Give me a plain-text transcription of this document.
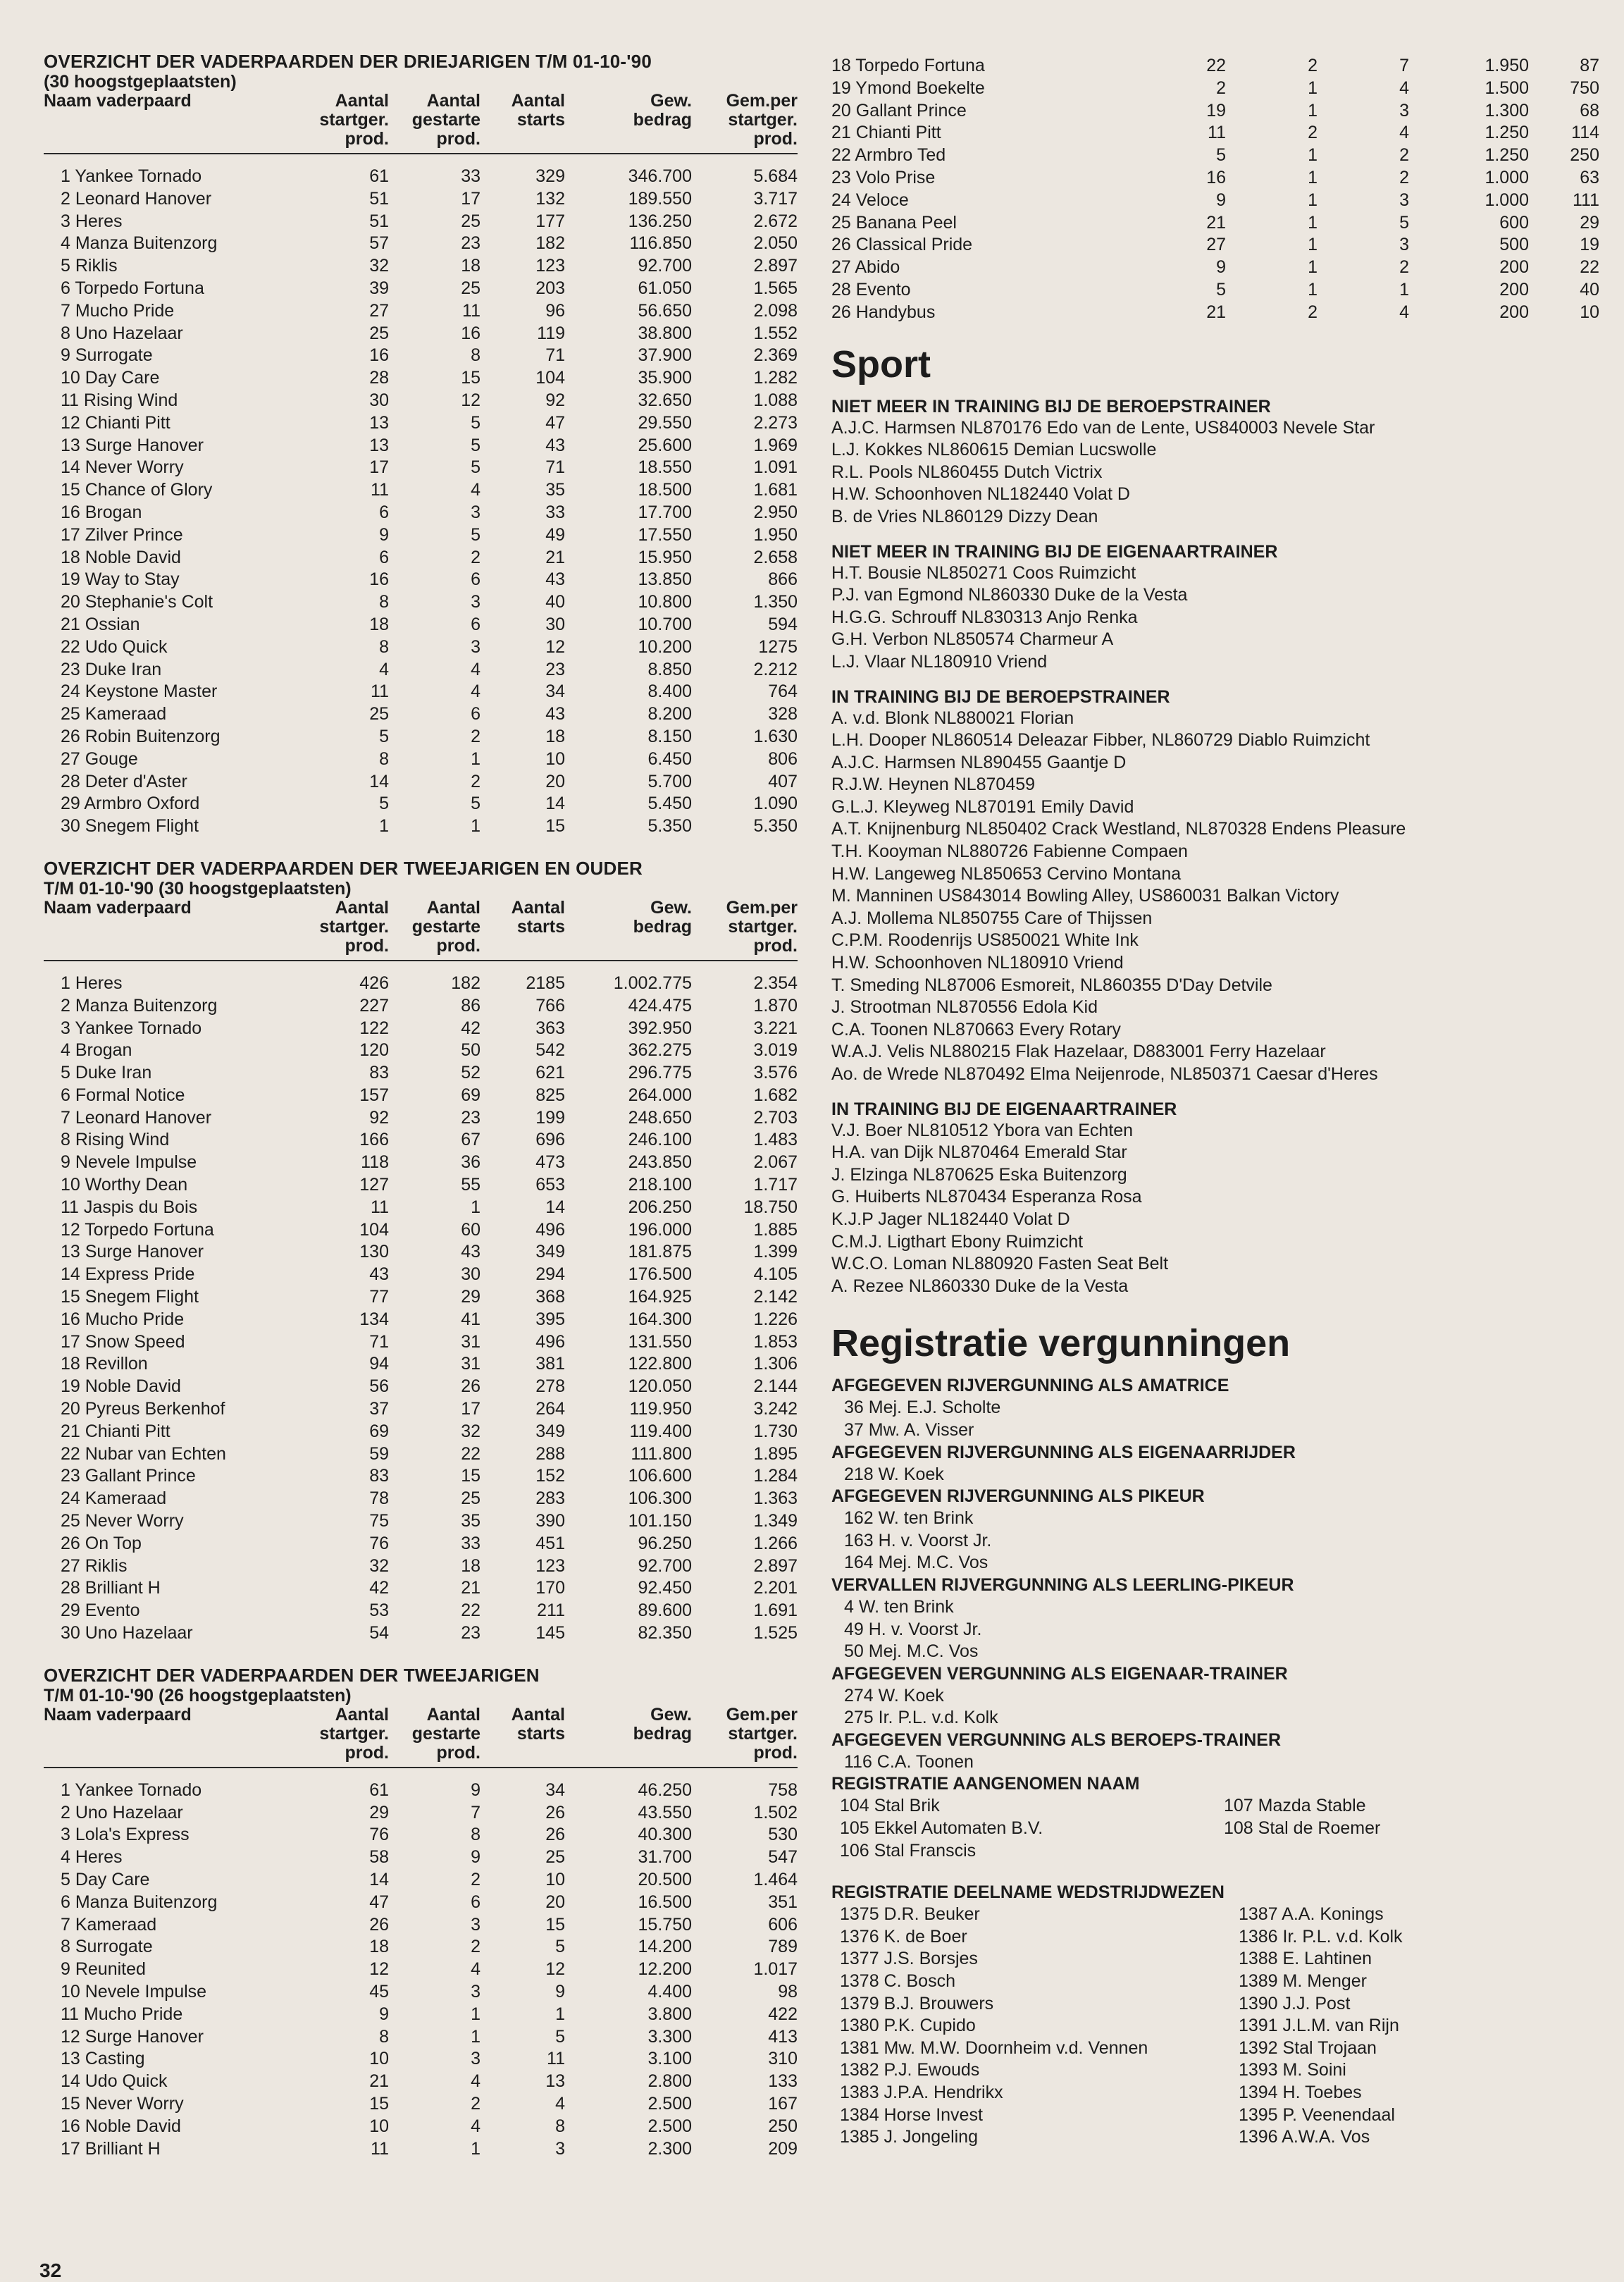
OVERZICHT DER VADERPAARDEN DER DRIEJARIGEN T/M 01-10-'90
(30 hoogstgeplaatsten)
Naam vaderpaard	Aantal
startger.
prod.	Aantal
gestarte
prod.	Aantal
starts	Gew.
bedrag	Gem.per
startger.
prod.
1 Yankee Tornado	61	33	329	346.700	5.684
2 Leonard Hanover	51	17	132	189.550	3.717
3 Heres	51	25	177	136.250	2.672
4 Manza Buitenzorg	57	23	182	116.850	2.050
5 Riklis	32	18	123	92.700	2.897
6 Torpedo Fortuna	39	25	203	61.050	1.565
7 Mucho Pride	27	11	96	56.650	2.098
8 Uno Hazelaar	25	16	119	38.800	1.552
9 Surrogate	16	8	71	37.900	2.369
10 Day Care	28	15	104	35.900	1.282
11 Rising Wind	30	12	92	32.650	1.088
12 Chianti Pitt	13	5	47	29.550	2.273
13 Surge Hanover	13	5	43	25.600	1.969
14 Never Worry	17	5	71	18.550	1.091
15 Chance of Glory	11	4	35	18.500	1.681
16 Brogan	6	3	33	17.700	2.950
17 Zilver Prince	9	5	49	17.550	1.950
18 Noble David	6	2	21	15.950	2.658
19 Way to Stay	16	6	43	13.850	866
20 Stephanie's Colt	8	3	40	10.800	1.350
21 Ossian	18	6	30	10.700	594
22 Udo Quick	8	3	12	10.200	1275
23 Duke Iran	4	4	23	8.850	2.212
24 Keystone Master	11	4	34	8.400	764
25 Kameraad	25	6	43	8.200	328
26 Robin Buitenzorg	5	2	18	8.150	1.630
27 Gouge	8	1	10	6.450	806
28 Deter d'Aster	14	2	20	5.700	407
29 Armbro Oxford	5	5	14	5.450	1.090
30 Snegem Flight	1	1	15	5.350	5.350
OVERZICHT DER VADERPAARDEN DER TWEEJARIGEN EN OUDER
T/M 01-10-'90 (30 hoogstgeplaatsten)
Naam vaderpaard	Aantal
startger.
prod.	Aantal
gestarte
prod.	Aantal
starts	Gew.
bedrag	Gem.per
startger.
prod.
1 Heres	426	182	2185	1.002.775	2.354
2 Manza Buitenzorg	227	86	766	424.475	1.870
3 Yankee Tornado	122	42	363	392.950	3.221
4 Brogan	120	50	542	362.275	3.019
5 Duke Iran	83	52	621	296.775	3.576
6 Formal Notice	157	69	825	264.000	1.682
7 Leonard Hanover	92	23	199	248.650	2.703
8 Rising Wind	166	67	696	246.100	1.483
9 Nevele Impulse	118	36	473	243.850	2.067
10 Worthy Dean	127	55	653	218.100	1.717
11 Jaspis du Bois	11	1	14	206.250	18.750
12 Torpedo Fortuna	104	60	496	196.000	1.885
13 Surge Hanover	130	43	349	181.875	1.399
14 Express Pride	43	30	294	176.500	4.105
15 Snegem Flight	77	29	368	164.925	2.142
16 Mucho Pride	134	41	395	164.300	1.226
17 Snow Speed	71	31	496	131.550	1.853
18 Revillon	94	31	381	122.800	1.306
19 Noble David	56	26	278	120.050	2.144
20 Pyreus Berkenhof	37	17	264	119.950	3.242
21 Chianti Pitt	69	32	349	119.400	1.730
22 Nubar van Echten	59	22	288	111.800	1.895
23 Gallant Prince	83	15	152	106.600	1.284
24 Kameraad	78	25	283	106.300	1.363
25 Never Worry	75	35	390	101.150	1.349
26 On Top	76	33	451	96.250	1.266
27 Riklis	32	18	123	92.700	2.897
28 Brilliant H	42	21	170	92.450	2.201
29 Evento	53	22	211	89.600	1.691
30 Uno Hazelaar	54	23	145	82.350	1.525
OVERZICHT DER VADERPAARDEN DER TWEEJARIGEN
T/M 01-10-'90 (26 hoogstgeplaatsten)
Naam vaderpaard	Aantal
startger.
prod.	Aantal
gestarte
prod.	Aantal
starts	Gew.
bedrag	Gem.per
startger.
prod.
1 Yankee Tornado	61	9	34	46.250	758
2 Uno Hazelaar	29	7	26	43.550	1.502
3 Lola's Express	76	8	26	40.300	530
4 Heres	58	9	25	31.700	547
5 Day Care	14	2	10	20.500	1.464
6 Manza Buitenzorg	47	6	20	16.500	351
7 Kameraad	26	3	15	15.750	606
8 Surrogate	18	2	5	14.200	789
9 Reunited	12	4	12	12.200	1.017
10 Nevele Impulse	45	3	9	4.400	98
11 Mucho Pride	9	1	1	3.800	422
12 Surge Hanover	8	1	5	3.300	413
13 Casting	10	3	11	3.100	310
14 Udo Quick	21	4	13	2.800	133
15 Never Worry	15	2	4	2.500	167
16 Noble David	10	4	8	2.500	250
17 Brilliant H	11	1	3	2.300	209
18 Torpedo Fortuna	22	2	7	1.950	87
19 Ymond Boekelte	2	1	4	1.500	750
20 Gallant Prince	19	1	3	1.300	68
21 Chianti Pitt	11	2	4	1.250	114
22 Armbro Ted	5	1	2	1.250	250
23 Volo Prise	16	1	2	1.000	63
24 Veloce	9	1	3	1.000	111
25 Banana Peel	21	1	5	600	29
26 Classical Pride	27	1	3	500	19
27 Abido	9	1	2	200	22
28 Evento	5	1	1	200	40
26 Handybus	21	2	4	200	10
Sport
NIET MEER IN TRAINING BIJ DE BEROEPSTRAINER
A.J.C. Harmsen NL870176 Edo van de Lente, US840003 Nevele Star
L.J. Kokkes NL860615 Demian Lucswolle
R.L. Pools NL860455 Dutch Victrix
H.W. Schoonhoven NL182440 Volat D
B. de Vries NL860129 Dizzy Dean
NIET MEER IN TRAINING BIJ DE EIGENAARTRAINER
H.T. Bousie NL850271 Coos Ruimzicht
P.J. van Egmond NL860330 Duke de la Vesta
H.G.G. Schrouff NL830313 Anjo Renka
G.H. Verbon NL850574 Charmeur A
L.J. Vlaar NL180910 Vriend
IN TRAINING BIJ DE BEROEPSTRAINER
A. v.d. Blonk NL880021 Florian
L.H. Dooper NL860514 Deleazar Fibber, NL860729 Diablo Ruimzicht
A.J.C. Harmsen NL890455 Gaantje D
R.J.W. Heynen NL870459
G.L.J. Kleyweg NL870191 Emily David
A.T. Knijnenburg NL850402 Crack Westland, NL870328 Endens Pleasure
T.H. Kooyman NL880726 Fabienne Compaen
H.W. Langeweg NL850653 Cervino Montana
M. Manninen US843014 Bowling Alley, US860031 Balkan Victory
A.J. Mollema NL850755 Care of Thijssen
C.P.M. Roodenrijs US850021 White Ink
H.W. Schoonhoven NL180910 Vriend
T. Smeding NL87006 Esmoreit, NL860355 D'Day Detvile
J. Strootman NL870556 Edola Kid
C.A. Toonen NL870663 Every Rotary
W.A.J. Velis NL880215 Flak Hazelaar, D883001 Ferry Hazelaar
Ao. de Wrede NL870492 Elma Neijenrode, NL850371 Caesar d'Heres
IN TRAINING BIJ DE EIGENAARTRAINER
V.J. Boer NL810512 Ybora van Echten
H.A. van Dijk NL870464 Emerald Star
J. Elzinga NL870625 Eska Buitenzorg
G. Huiberts NL870434 Esperanza Rosa
K.J.P Jager NL182440 Volat D
C.M.J. Ligthart Ebony Ruimzicht
W.C.O. Loman NL880920 Fasten Seat Belt
A. Rezee NL860330 Duke de la Vesta
Registratie vergunningen
AFGEGEVEN RIJVERGUNNING ALS AMATRICE
36 Mej. E.J. Scholte
37 Mw. A. Visser
AFGEGEVEN RIJVERGUNNING ALS EIGENAARRIJDER
218 W. Koek
AFGEGEVEN RIJVERGUNNING ALS PIKEUR
162 W. ten Brink
163 H. v. Voorst Jr.
164 Mej. M.C. Vos
VERVALLEN RIJVERGUNNING ALS LEERLING-PIKEUR
4 W. ten Brink
49 H. v. Voorst Jr.
50 Mej. M.C. Vos
AFGEGEVEN VERGUNNING ALS EIGENAAR-TRAINER
274 W. Koek
275 Ir. P.L. v.d. Kolk
AFGEGEVEN VERGUNNING ALS BEROEPS-TRAINER
116 C.A. Toonen
REGISTRATIE AANGENOMEN NAAM
104 Stal Brik
105 Ekkel Automaten B.V.
106 Stal Franscis
107 Mazda Stable
108 Stal de Roemer
REGISTRATIE DEELNAME WEDSTRIJDWEZEN
1375 D.R. Beuker
1376 K. de Boer
1377 J.S. Borsjes
1378 C. Bosch
1379 B.J. Brouwers
1380 P.K. Cupido
1381 Mw. M.W. Doornheim v.d. Vennen
1382 P.J. Ewouds
1383 J.P.A. Hendrikx
1384 Horse Invest
1385 J. Jongeling
1387 A.A. Konings
1386 Ir. P.L. v.d. Kolk
1388 E. Lahtinen
1389 M. Menger
1390 J.J. Post
1391 J.L.M. van Rijn
1392 Stal Trojaan
1393 M. Soini
1394 H. Toebes
1395 P. Veenendaal
1396 A.W.A. Vos
32
